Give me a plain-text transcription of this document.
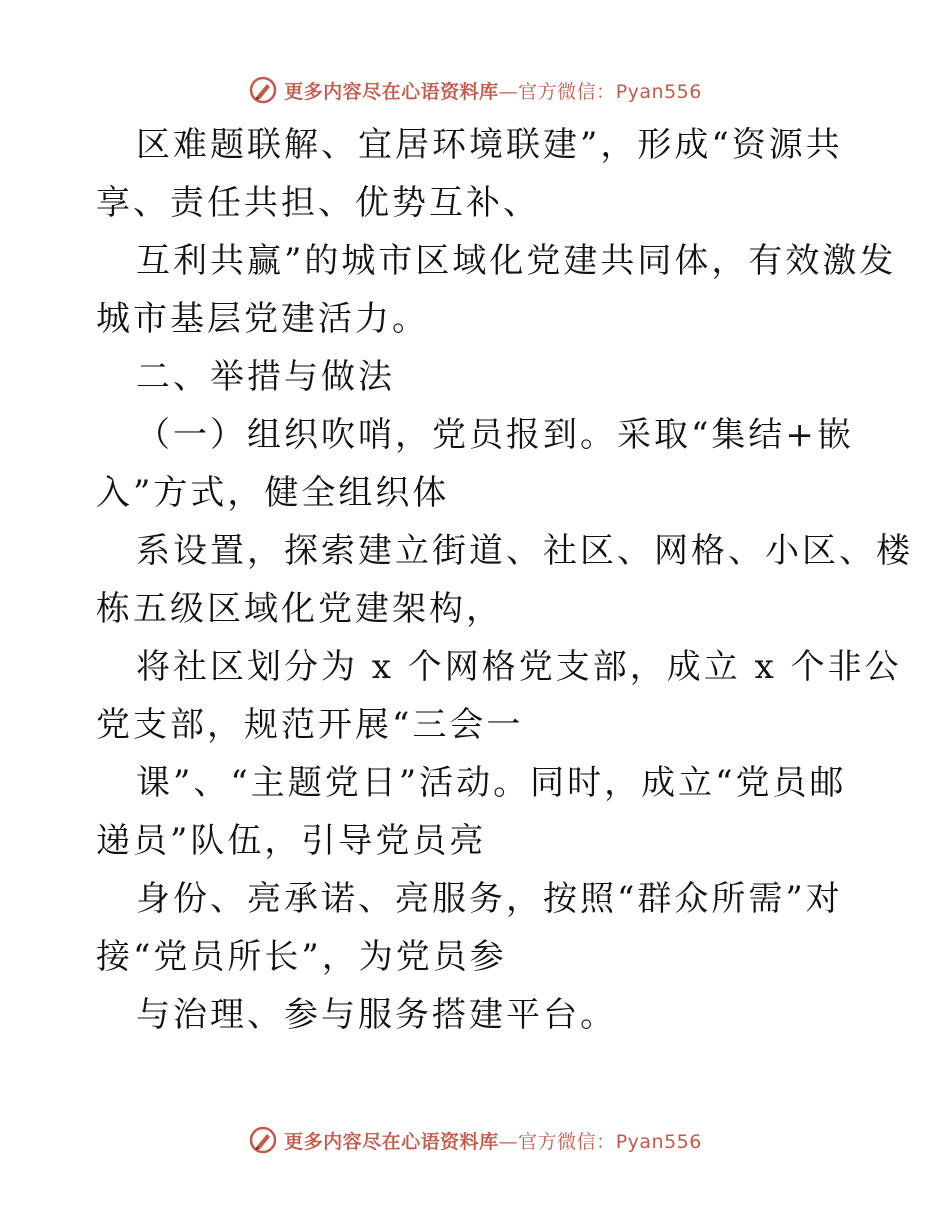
更多内容尽在心语资料库—官方微信：Pyan556
区难题联解、宜居环境联建”，形成“资源共
享、责任共担、优势互补、
互利共赢”的城市区域化党建共同体，有效激发
城市基层党建活力。
二、举措与做法
（一）组织吹哨，党员报到。采取“集结+嵌
入”方式，健全组织体
系设置，探索建立街道、社区、网格、小区、楼
栋五级区域化党建架构，
将社区划分为 x 个网格党支部，成立 x 个非公
党支部，规范开展“三会一
课”、“主题党日”活动。同时，成立“党员邮
递员”队伍，引导党员亮
身份、亮承诺、亮服务，按照“群众所需”对
接“党员所长”，为党员参
与治理、参与服务搭建平台。
更多内容尽在心语资料库—官方微信：Pyan556
